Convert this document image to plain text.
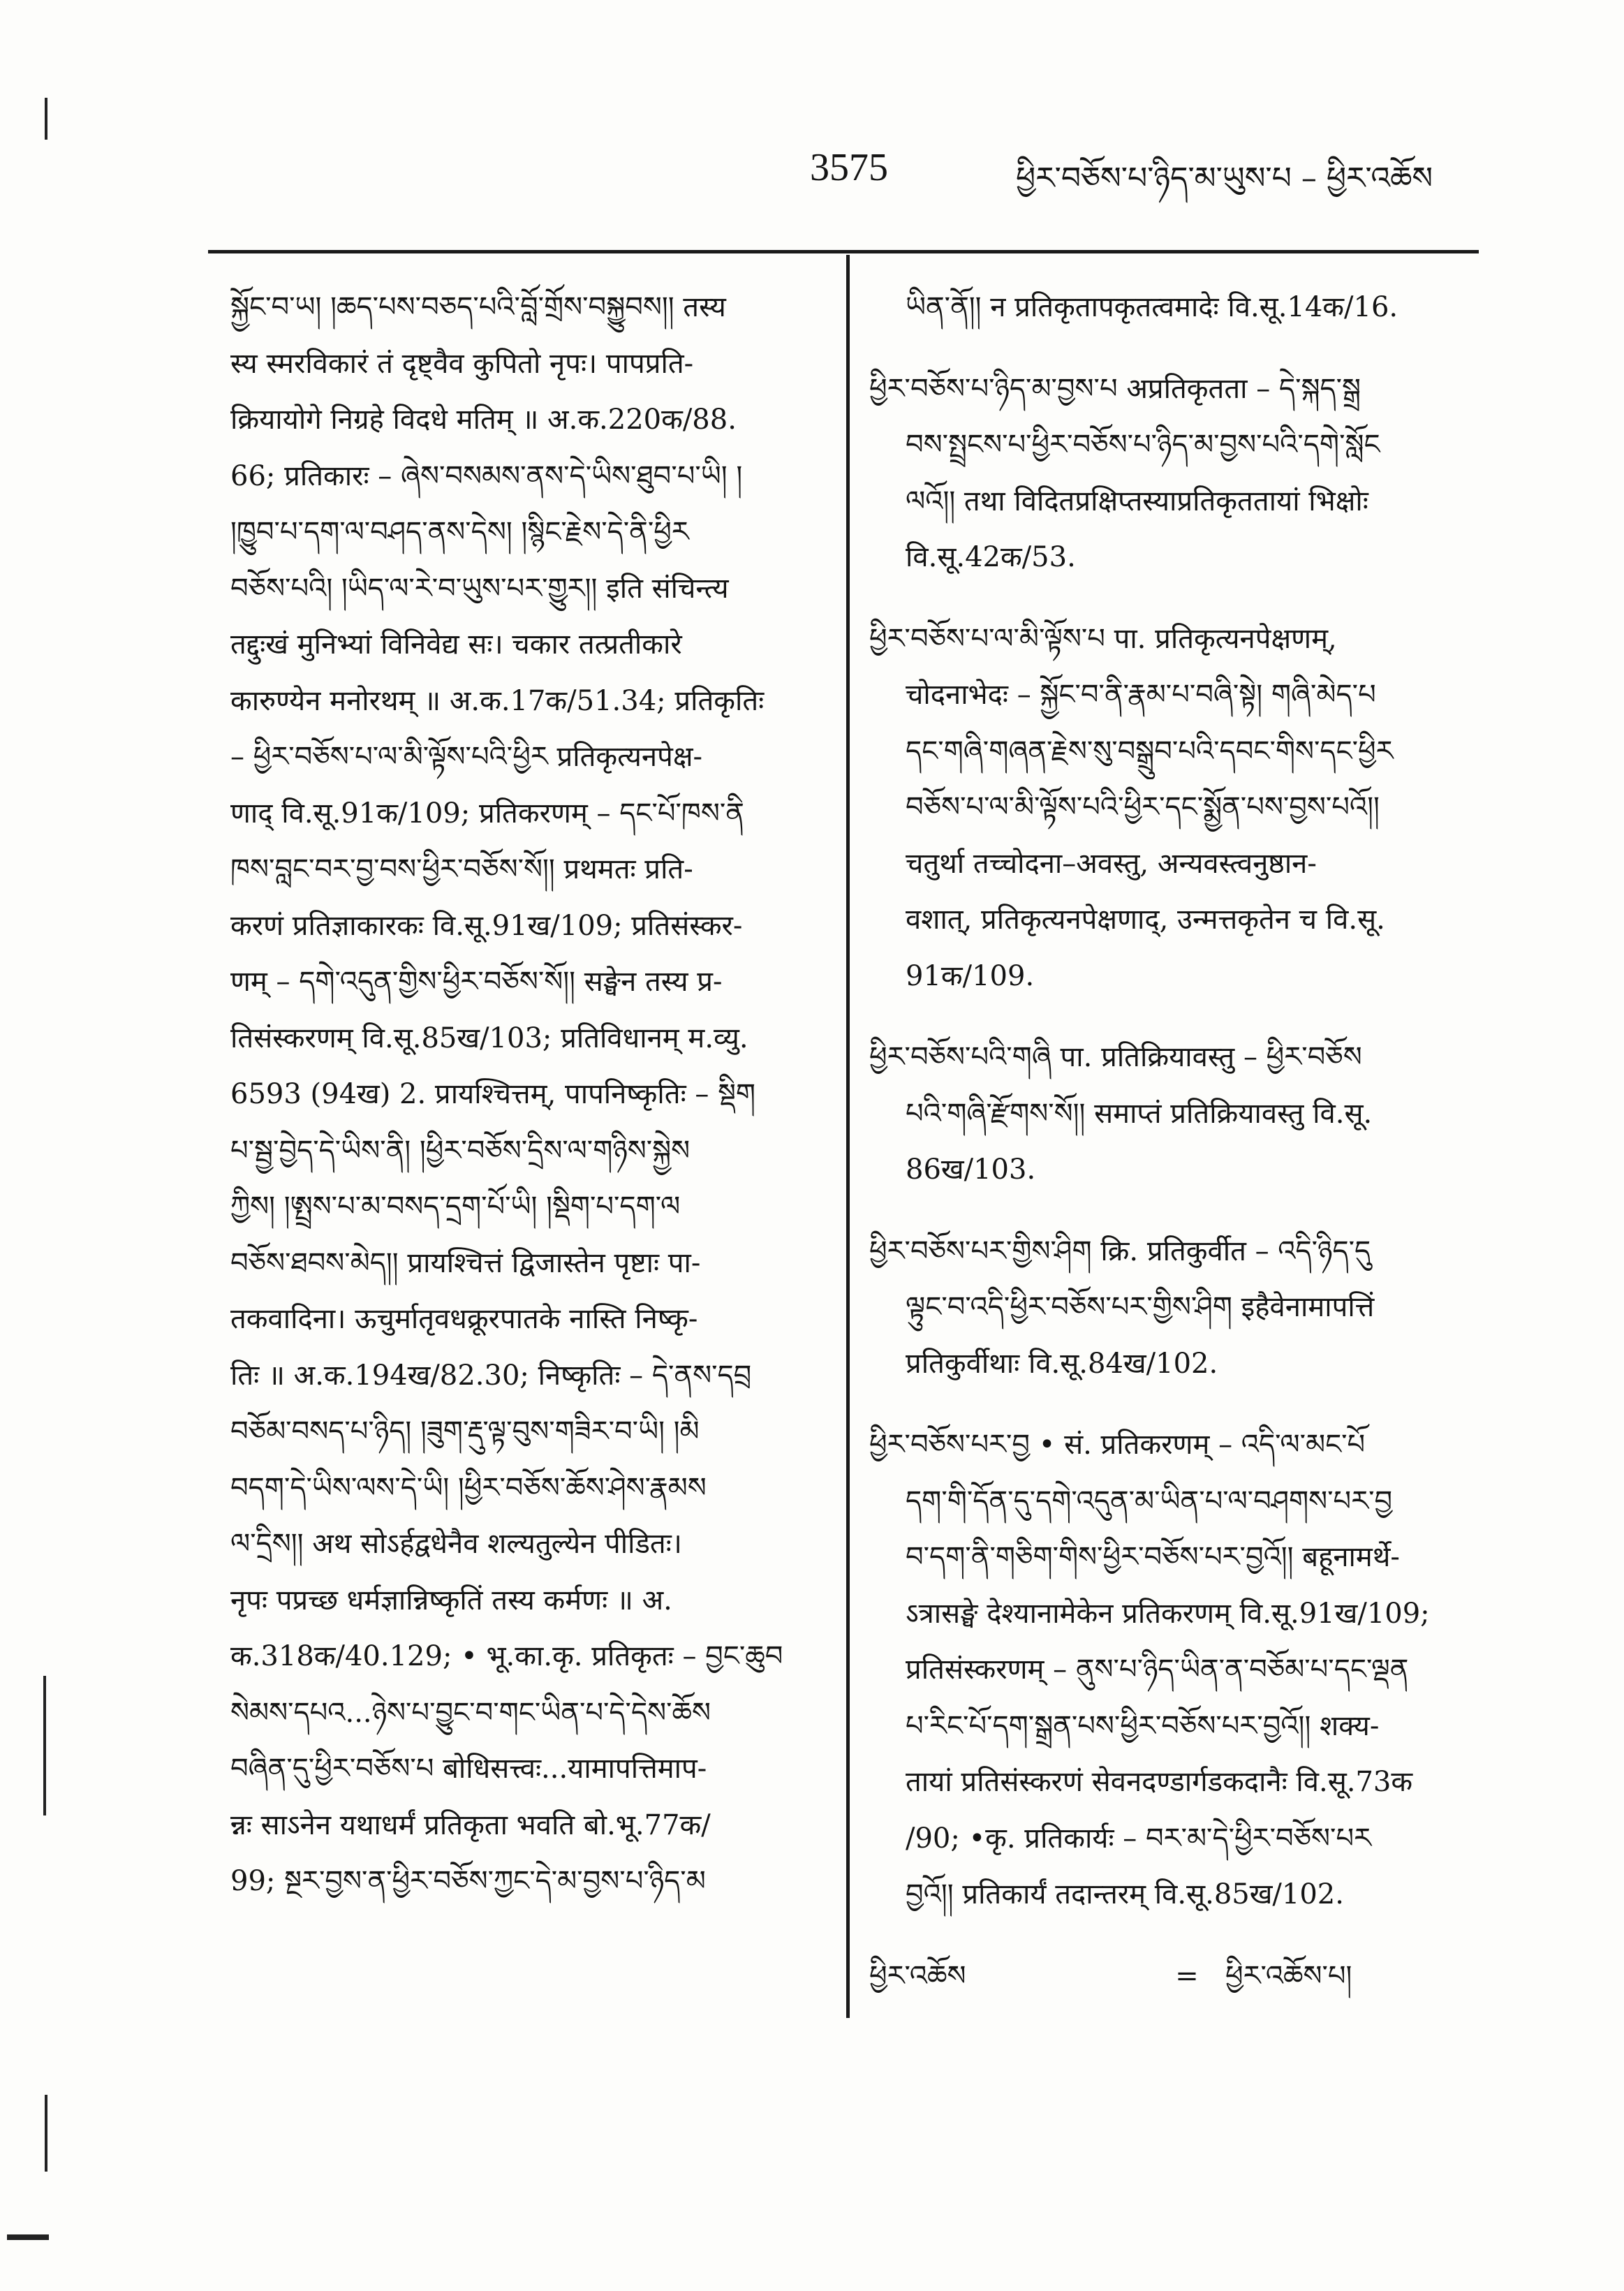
3575	ཕྱིར་བཅོས་པ་ཉིད་མ་ཡུས་པ – ཕྱིར་འཆོས
སྐྱོང་བ་ཡ། །ཆད་པས་བཅད་པའི་བློ་གྲོས་བསྐྱུབས།། तस्य
स्य स्मरविकारं तं दृष्ट्वैव कुपितो नृपः। पापप्रति-
क्रियायोगे निग्रहे विदधे मतिम् ॥ अ.क.220क/88.
66; प्रतिकारः – ཞེས་བསམས་ནས་དེ་ཡིས་ཐུབ་པ་ཡི། །
།ཁྱུབ་པ་དག་ལ་བཤད་ནས་དེས། །སྙིང་རྗེས་དེ་ནི་ཕྱིར
བཅོས་པའི། །ཡིད་ལ་རེ་བ་ཡུས་པར་གྱུར།། इति संचिन्त्य
तद्दुःखं मुनिभ्यां विनिवेद्य सः। चकार तत्प्रतीकारे
कारुण्येन मनोरथम् ॥ अ.क.17क/51.34; प्रतिकृतिः
– ཕྱིར་བཅོས་པ་ལ་མི་ལྟོས་པའི་ཕྱིར प्रतिकृत्यनपेक्ष-
णाद् वि.सू.91क/109; प्रतिकरणम् – དང་པོ་ཁས་ནི
ཁས་བླང་བར་བྱ་བས་ཕྱིར་བཅོས་སོ།། प्रथमतः प्रति-
करणं प्रतिज्ञाकारकः वि.सू.91ख/109; प्रतिसंस्कर-
णम् – དགེ་འདུན་གྱིས་ཕྱིར་བཅོས་སོ།། सङ्घेन तस्य प्र-
तिसंस्करणम् वि.सू.85ख/103; प्रतिविधानम् म.व्यु.
6593 (94ख) 2. प्रायश्चित्तम्, पापनिष्कृतिः – སྡིག
པ་སྦྱ་བྱེད་དེ་ཡིས་ནི། །ཕྱིར་བཅོས་དྲིས་ལ་གཉིས་སྐྱེས
ཀྱིས། །ཨྤྲས་པ་མ་བསད་དྲག་པོ་ཡི། །སྡིག་པ་དག་ལ
བཅོས་ཐབས་མེད།། प्रायश्चित्तं द्विजास्तेन पृष्टाः पा-
तकवादिना। ऊचुर्मातृवधक्रूरपातके नास्ति निष्कृ-
तिः ॥ अ.क.194ख/82.30; निष्कृतिः – དེ་ནས་དབྲ
བཅོམ་བསད་པ་ཉིད། །ཟུག་རྡུ་ལྟ་བུས་གཟིར་བ་ཡི། །མི
བདག་དེ་ཡིས་ལས་དེ་ཡི། །ཕྱིར་བཅོས་ཆོས་ཤེས་རྣམས
ལ་དྲིས།། अथ सोऽर्हद्वधेनैव शल्यतुल्येन पीडितः।
नृपः पप्रच्छ धर्मज्ञान्निष्कृतिं तस्य कर्मणः ॥ अ.
क.318क/40.129; • भू.का.कृ. प्रतिकृतः – བྱང་ཆུབ
སེམས་དཔའ...ཉེས་པ་བྱུང་བ་གང་ཡིན་པ་དེ་དེས་ཆོས
བཞིན་དུ་ཕྱིར་བཅོས་པ बोधिसत्त्वः...यामापत्तिमाप-
न्नः साऽनेन यथाधर्मं प्रतिकृता भवति बो.भू.77क/
99; སྔར་བྱས་ན་ཕྱིར་བཅོས་ཀྱང་དེ་མ་བྱས་པ་ཉིད་མ
ཡིན་ནོ།། न प्रतिकृतापकृतत्वमादेः वि.सू.14क/16.
ཕྱིར་བཅོས་པ་ཉིད་མ་བྱས་པ अप्रतिकृतता – དེ་སྐད་སྒྲ
བས་སྤྲངས་པ་ཕྱིར་བཅོས་པ་ཉིད་མ་བྱས་པའི་དགེ་སློང
ལའོ།། तथा विदितप्रक्षिप्तस्याप्रतिकृततायां भिक्षोः
वि.सू.42क/53.
ཕྱིར་བཅོས་པ་ལ་མི་ལྟོས་པ पा. प्रतिकृत्यनपेक्षणम्,
चोदनाभेदः – སྐྱོང་བ་ནི་རྣམ་པ་བཞི་སྟེ། གཞི་མེད་པ
དང་གཞི་གཞན་རྗེས་སུ་བསྒྲུབ་པའི་དབང་གིས་དང་ཕྱིར
བཅོས་པ་ལ་མི་ལྟོས་པའི་ཕྱིར་དང་སྨྱོན་པས་བྱས་པའོ།།
चतुर्था तच्चोदना–अवस्तु, अन्यवस्त्वनुष्ठान-
वशात्, प्रतिकृत्यनपेक्षणाद्, उन्मत्तकृतेन च वि.सू.
91क/109.
ཕྱིར་བཅོས་པའི་གཞི पा. प्रतिक्रियावस्तु – ཕྱིར་བཅོས
པའི་གཞི་རྫོགས་སོ།། समाप्तं प्रतिक्रियावस्तु वि.सू.
86ख/103.
ཕྱིར་བཅོས་པར་གྱིས་ཤིག क्रि. प्रतिकुर्वीत – འདི་ཉིད་དུ
ལྟུང་བ་འདི་ཕྱིར་བཅོས་པར་གྱིས་ཤིག इहैवेनामापत्तिं
प्रतिकुर्वीथाः वि.सू.84ख/102.
ཕྱིར་བཅོས་པར་བྱ • सं. प्रतिकरणम् – འདི་ལ་མང་པོ
དག་གི་དོན་དུ་དགེ་འདུན་མ་ཡིན་པ་ལ་བཤགས་པར་བྱ
བ་དག་ནི་གཅིག་གིས་ཕྱིར་བཅོས་པར་བྱའོ།། बहूनामर्थे-
ऽत्रासङ्घे देश्यानामेकेन प्रतिकरणम् वि.सू.91ख/109;
प्रतिसंस्करणम् – ནུས་པ་ཉིད་ཡིན་ན་བཅོམ་པ་དང་ལྡན
པ་རིང་པོ་དག་སྒྲན་པས་ཕྱིར་བཅོས་པར་བྱའོ།། शक्य-
तायां प्रतिसंस्करणं सेवनदण्डार्गडकदानैः वि.सू.73क
/90; •कृ. प्रतिकार्यः – བར་མ་དེ་ཕྱིར་བཅོས་པར
བྱའོ།། प्रतिकार्यं तदान्तरम् वि.सू.85ख/102.
ཕྱིར་འཆོས	= ཕྱིར་འཆོས་པ།
